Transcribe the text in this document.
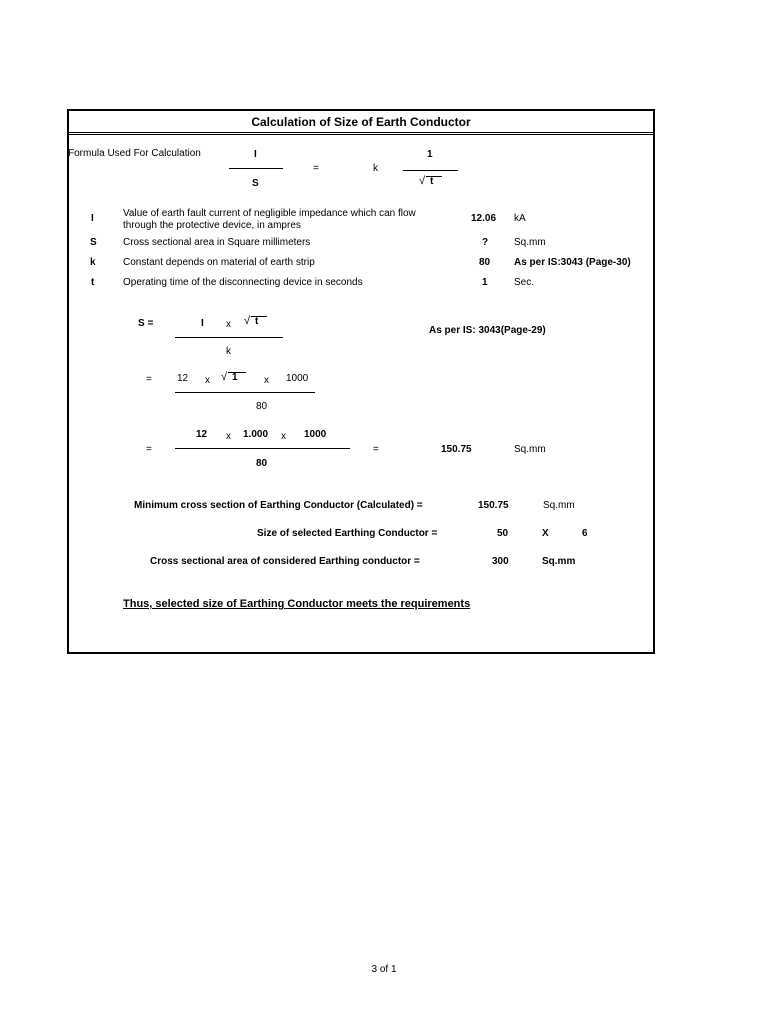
Calculation of Size of Earth Conductor
Formula Used For Calculation	I
S
=	k
1
√ t
I	Value of earth fault current of negligible impedance which can flow
through the protective device, in ampres
12.06 kA
S	Cross sectional area in Square millimeters	?	Sq.mm
k	Constant depends on material of earth strip	80 As per IS:3043 (Page-30)
t	Operating time of the disconnecting device in seconds	1	Sec.
S =	I x √ t
k
As per IS: 3043(Page-29)
=	12 x √ 1	x 1000
80
=
12 x 1.000 x 1000
80
=	150.75	Sq.mm
Minimum cross section of Earthing Conductor (Calculated) =	150.75	Sq.mm
Size of selected Earthing Conductor =	50	X	6
Cross sectional area of considered Earthing conductor =	300	Sq.mm
Thus, selected size of Earthing Conductor meets the requirements
3 of 1
